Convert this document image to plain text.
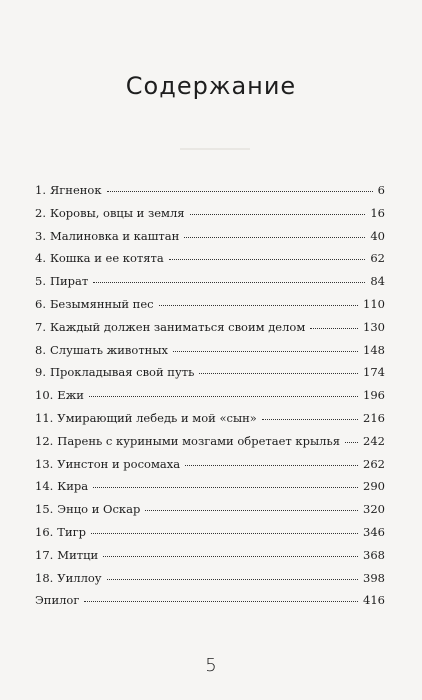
Содержание
1. Ягненок	6
2. Коровы, овцы и земля	16
3. Малиновка и каштан	40
4. Кошка и ее котята	62
5. Пират	84
6. Безымянный пес	110
7. Каждый должен заниматься своим делом	130
8. Слушать животных	148
9. Прокладывая свой путь	174
10. Ежи	196
11. Умирающий лебедь и мой «сын»	216
12. Парень с куриными мозгами обретает крылья 242
13. Уинстон и росомаха	262
14. Кира	290
15. Энцо и Оскар	320
16. Тигр	346
17. Митци	368
18. Уиллоу	398
Эпилог	416
5
